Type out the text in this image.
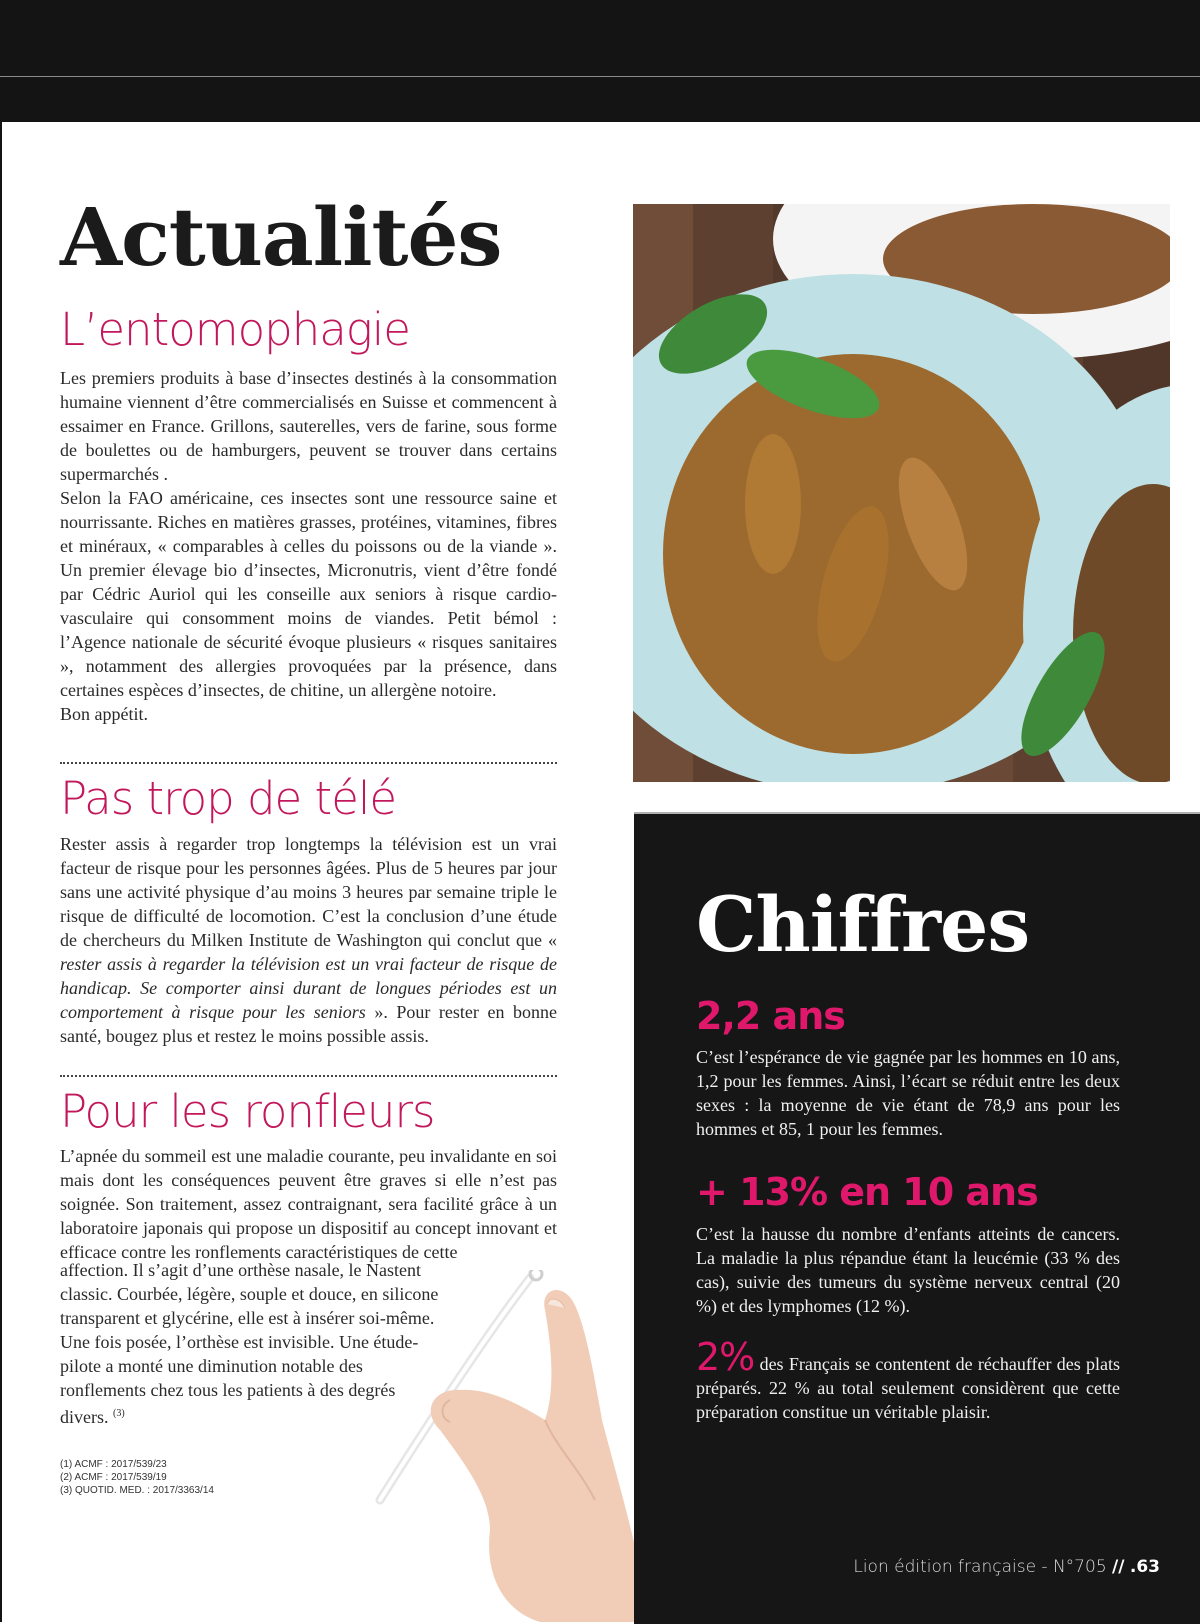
Actualités
L’entomophagie

Les premiers produits à base d’insectes destinés à la consommation humaine viennent d’être commercialisés en Suisse et commencent à essaimer en France. Grillons, sauterelles, vers de farine, sous forme de boulettes ou de hamburgers, peuvent se trouver dans certains supermarchés .

Selon la FAO américaine, ces insectes sont une ressource saine et nourrissante. Riches en matières grasses, protéines, vitamines, fibres et minéraux, « comparables à celles du poissons ou de la viande ». Un premier élevage bio d’insectes, Micronutris, vient d’être fondé par Cédric Auriol qui les conseille aux seniors à risque cardio-vasculaire qui consomment moins de viandes. Petit bémol : l’Agence nationale de sécurité évoque plusieurs « risques sanitaires », notamment des allergies provoquées par la présence, dans certaines espèces d’insectes, de chitine, un allergène notoire.

Bon appétit.

Pas trop de télé

Rester assis à regarder trop longtemps la télévision est un vrai facteur de risque pour les personnes âgées. Plus de 5 heures par jour sans une activité physique d’au moins 3 heures par semaine triple le risque de difficulté de locomotion. C’est la conclusion d’une étude de chercheurs du Milken Institute de Washington qui conclut que « rester assis à regarder la télévision est un vrai facteur de risque de handicap. Se comporter ainsi durant de longues périodes est un comportement à risque pour les seniors ». Pour rester en bonne santé, bougez plus et restez le moins possible assis.

Pour les ronfleurs

L’apnée du sommeil est une maladie courante, peu invalidante en soi mais dont les conséquences peuvent être graves si elle n’est pas soignée. Son traitement, assez contraignant, sera facilité grâce à un laboratoire japonais qui propose un dispositif au concept innovant et efficace contre les ronflements caractéristiques de cette

affection. Il s’agit d’une orthèse nasale, le Nastent classic. Courbée, légère, souple et douce, en silicone transparent et glycérine, elle est à insérer soi-même. Une fois posée, l’orthèse est invisible. Une étude-pilote a monté une diminution notable des ronflements chez tous les patients à des degrés divers. $^{(3)}$

(1) ACMF : 2017/539/23
(2) ACMF : 2017/539/19
(3) QUOTID. MED. : 2017/3363/14
Chiffres
2,2 ans

C’est l’espérance de vie gagnée par les hommes en 10 ans, 1,2 pour les femmes. Ainsi, l’écart se réduit entre les deux sexes : la moyenne de vie étant de 78,9 ans pour les hommes et 85, 1 pour les femmes.

+ 13% en 10 ans

C’est la hausse du nombre d’enfants atteints de cancers. La maladie la plus répandue étant la leucémie (33 % des cas), suivie des tumeurs du système nerveux central (20 %) et des lymphomes (12 %).

2% des Français se contentent de réchauffer des plats préparés. 22 % au total seulement considèrent que cette préparation constitue un véritable plaisir.

Lion édition française - N°705 // .63
